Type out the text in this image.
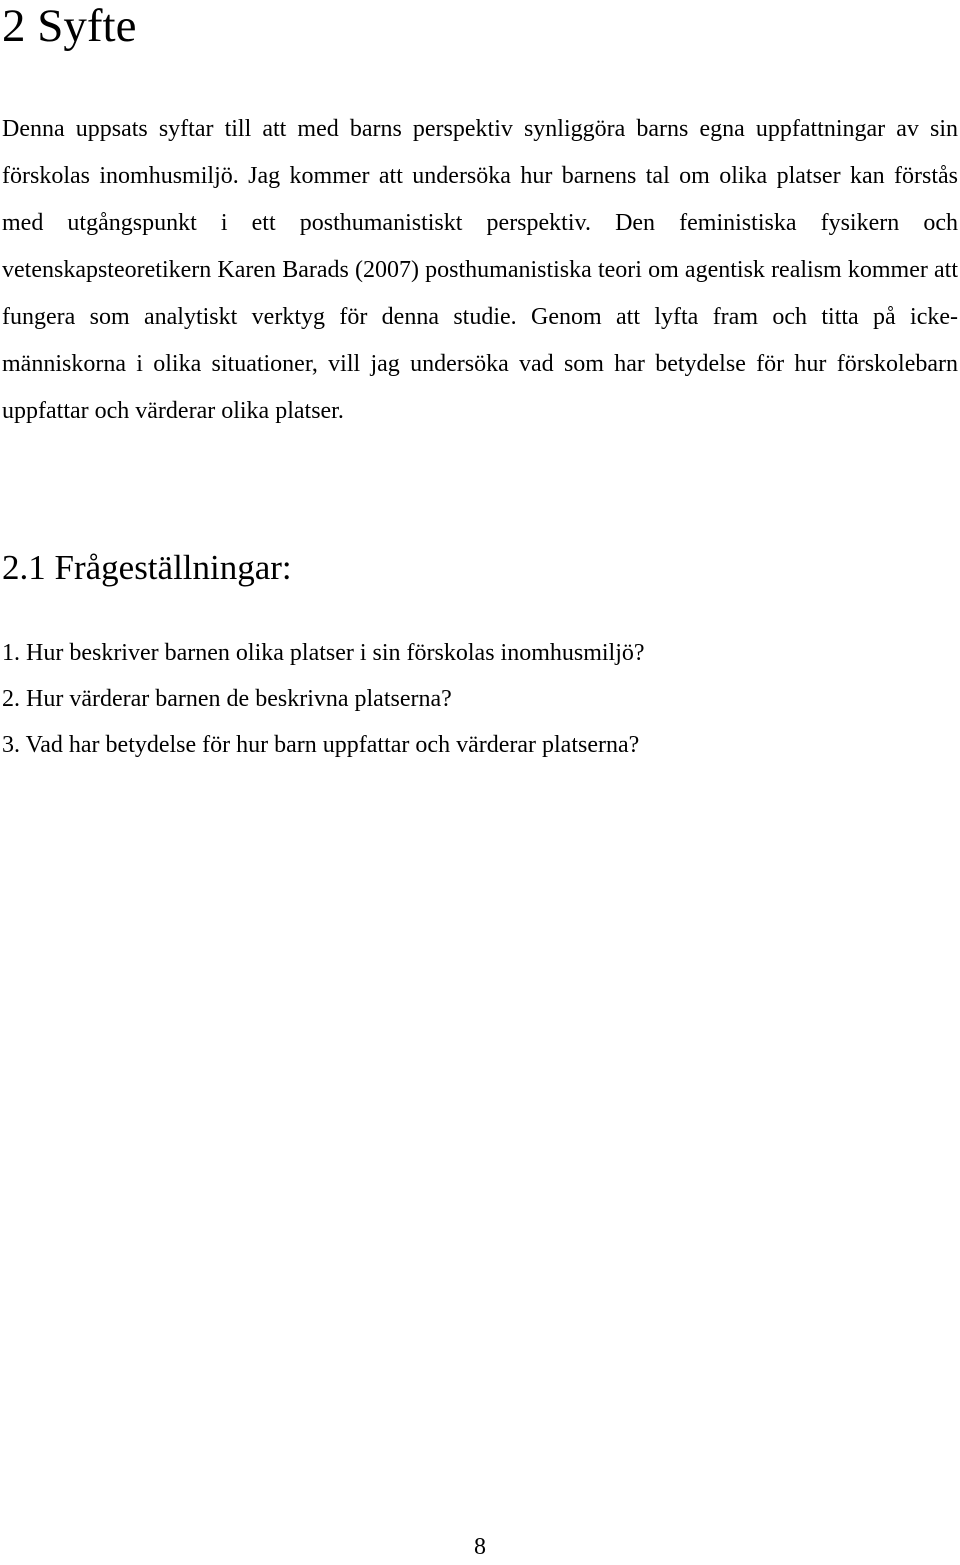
2 Syfte

Denna uppsats syftar till att med barns perspektiv synliggöra barns egna uppfattningar av sin förskolas inomhusmiljö. Jag kommer att undersöka hur barnens tal om olika platser kan förstås med utgångspunkt i ett posthumanistiskt perspektiv. Den feministiska fysikern och vetenskapsteoretikern Karen Barads (2007) posthumanistiska teori om agentisk realism kommer att fungera som analytiskt verktyg för denna studie. Genom att lyfta fram och titta på icke-människorna i olika situationer, vill jag undersöka vad som har betydelse för hur förskolebarn uppfattar och värderar olika platser.

2.1 Frågeställningar:
1. Hur beskriver barnen olika platser i sin förskolas inomhusmiljö?
2. Hur värderar barnen de beskrivna platserna?
3. Vad har betydelse för hur barn uppfattar och värderar platserna?
8
